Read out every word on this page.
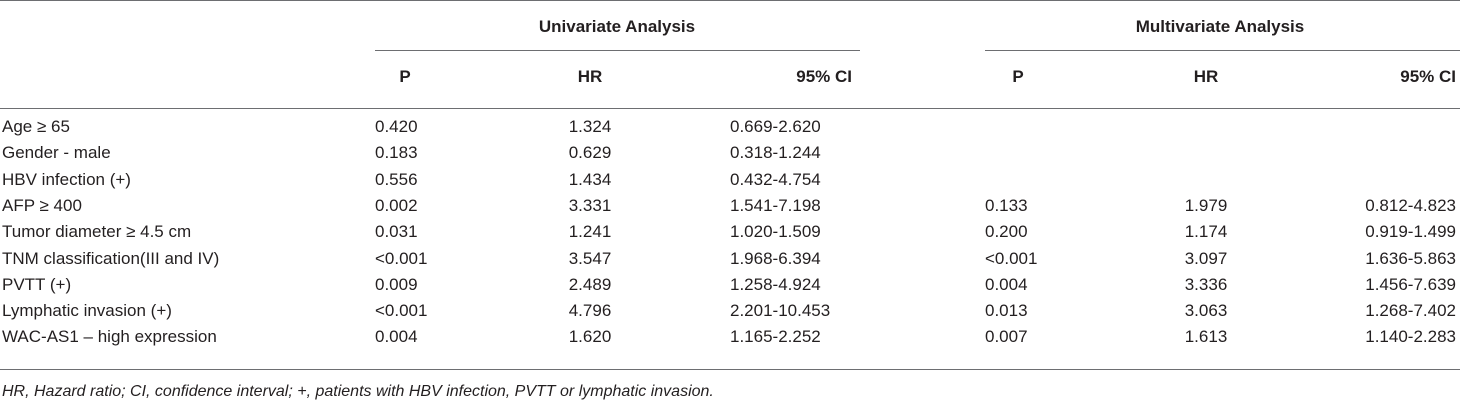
Univariate Analysis	Multivariate Analysis
P	HR	95% CI	P	HR	95% CI
Age ≥ 65	0.420	1.324	0.669-2.620
Gender - male	0.183	0.629	0.318-1.244
HBV infection (+)	0.556	1.434	0.432-4.754
AFP ≥ 400	0.002	3.331	1.541-7.198	0.133	1.979	0.812-4.823
Tumor diameter ≥ 4.5 cm	0.031	1.241	1.020-1.509	0.200	1.174	0.919-1.499
TNM classification(III and IV)	<0.001	3.547	1.968-6.394	<0.001	3.097	1.636-5.863
PVTT (+)	0.009	2.489	1.258-4.924	0.004	3.336	1.456-7.639
Lymphatic invasion (+)	<0.001	4.796	2.201-10.453	0.013	3.063	1.268-7.402
WAC-AS1 – high expression	0.004	1.620	1.165-2.252	0.007	1.613	1.140-2.283
HR, Hazard ratio; CI, confidence interval; +, patients with HBV infection, PVTT or lymphatic invasion.
